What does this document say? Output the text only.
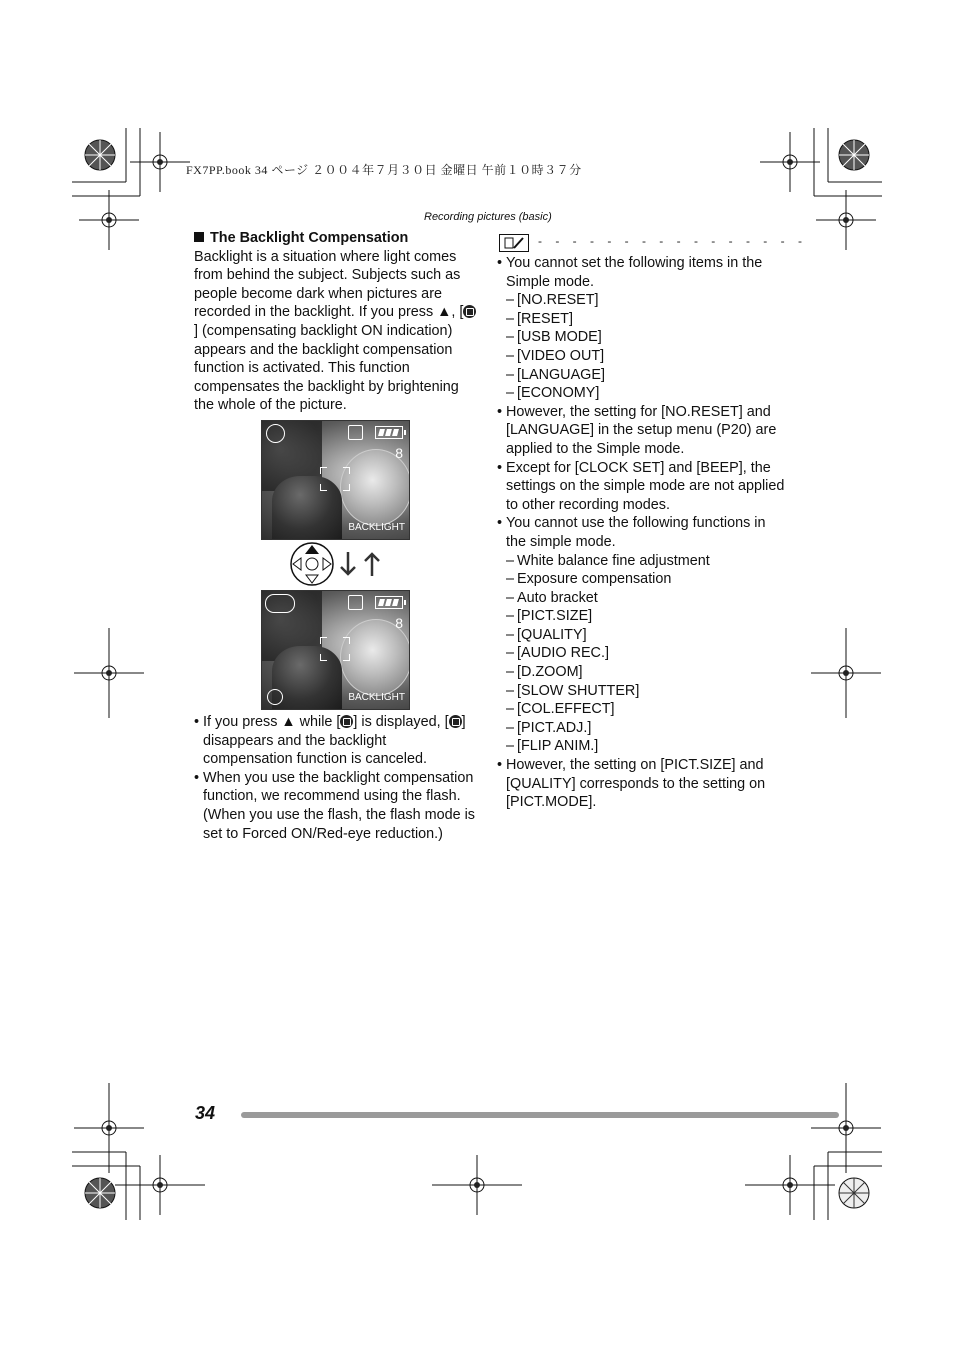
FX7PP.book 34 ページ ２００４年７月３０日 金曜日 午前１０時３７分
Recording pictures (basic)
The Backlight Compensation

Backlight is a situation where light comes from behind the subject. Subjects such as people become dark when pictures are recorded in the backlight. If you press ▲, [] (compensating backlight ON indication) appears and the backlight compensation function is activated. This function compensates the backlight by brightening the whole of the picture.

8
BACKLIGHT
8
BACKLIGHT
• If you press ▲ while [ ] is displayed, [ ] disappears and the backlight compensation function is canceled.
• When you use the backlight compensation function, we recommend using the flash. (When you use the flash, the flash mode is set to Forced ON/Red-eye reduction.)
- - - - - - - - - - - - - - - -
• You cannot set the following items in the Simple mode.
– [NO.RESET]
– [RESET]
– [USB MODE]
– [VIDEO OUT]
– [LANGUAGE]
– [ECONOMY]
• However, the setting for [NO.RESET] and [LANGUAGE] in the setup menu (P20) are applied to the Simple mode.
• Except for [CLOCK SET] and [BEEP], the settings on the simple mode are not applied to other recording modes.
• You cannot use the following functions in the simple mode.
– White balance fine adjustment
– Exposure compensation
– Auto bracket
– [PICT.SIZE]
– [QUALITY]
– [AUDIO REC.]
– [D.ZOOM]
– [SLOW SHUTTER]
– [COL.EFFECT]
– [PICT.ADJ.]
– [FLIP ANIM.]
• However, the setting on [PICT.SIZE] and [QUALITY] corresponds to the setting on [PICT.MODE].
34
